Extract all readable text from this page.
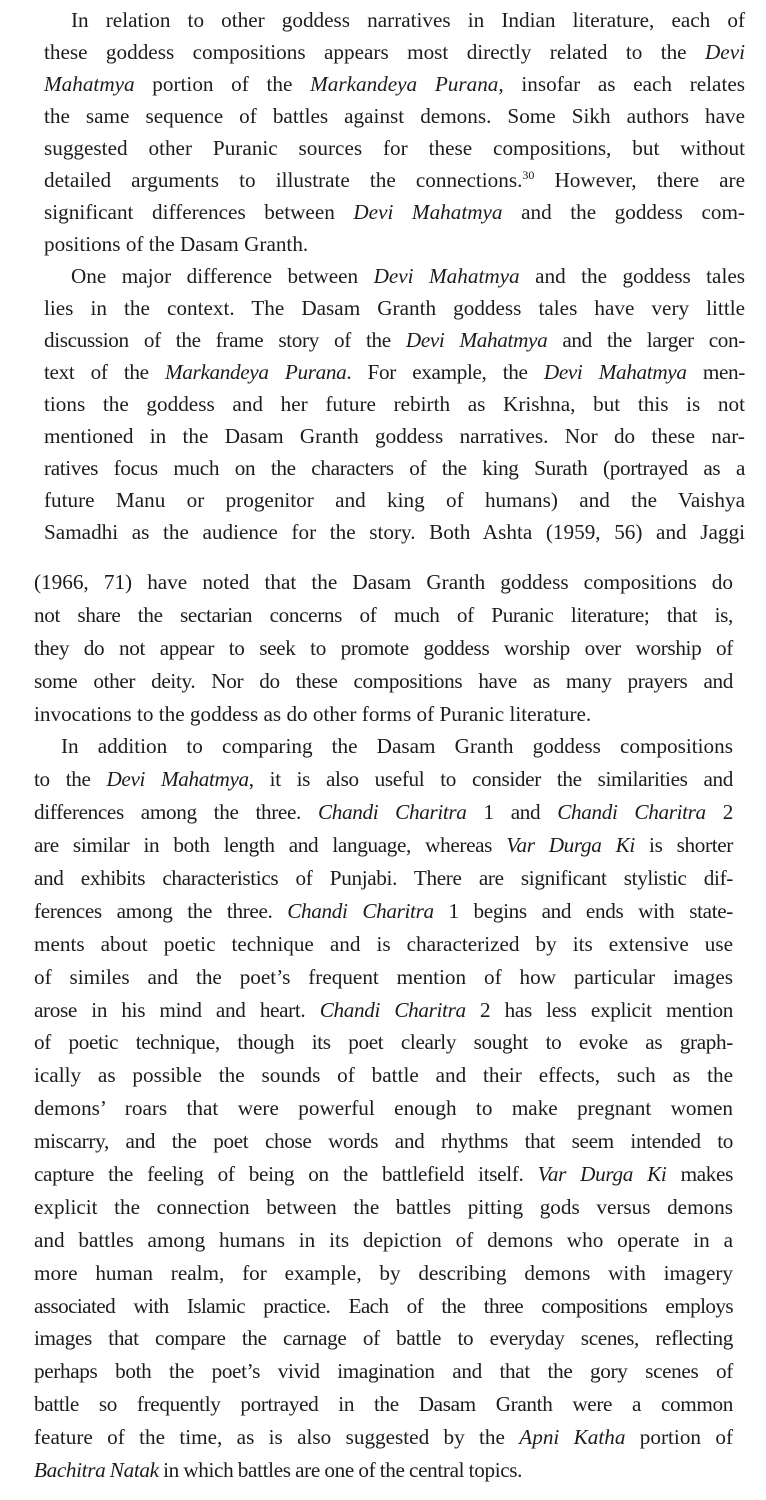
In relation to other goddess narratives in Indian literature, each of
these goddess compositions appears most directly related to the Devi
Mahatmya portion of the Markandeya Purana, insofar as each relates
the same sequence of battles against demons. Some Sikh authors have
suggested other Puranic sources for these compositions, but without
detailed arguments to illustrate the connections.$^{30}$ However, there are
significant differences between Devi Mahatmya and the goddess com-
positions of the Dasam Granth.
One major difference between Devi Mahatmya and the goddess tales
lies in the context. The Dasam Granth goddess tales have very little
discussion of the frame story of the Devi Mahatmya and the larger con-
text of the Markandeya Purana. For example, the Devi Mahatmya men-
tions the goddess and her future rebirth as Krishna, but this is not
mentioned in the Dasam Granth goddess narratives. Nor do these nar-
ratives focus much on the characters of the king Surath (portrayed as a
future Manu or progenitor and king of humans) and the Vaishya
Samadhi as the audience for the story. Both Ashta (1959, 56) and Jaggi
(1966, 71) have noted that the Dasam Granth goddess compositions do
not share the sectarian concerns of much of Puranic literature; that is,
they do not appear to seek to promote goddess worship over worship of
some other deity. Nor do these compositions have as many prayers and
invocations to the goddess as do other forms of Puranic literature.
In addition to comparing the Dasam Granth goddess compositions
to the Devi Mahatmya, it is also useful to consider the similarities and
differences among the three. Chandi Charitra 1 and Chandi Charitra 2
are similar in both length and language, whereas Var Durga Ki is shorter
and exhibits characteristics of Punjabi. There are significant stylistic dif-
ferences among the three. Chandi Charitra 1 begins and ends with state-
ments about poetic technique and is characterized by its extensive use
of similes and the poet’s frequent mention of how particular images
arose in his mind and heart. Chandi Charitra 2 has less explicit mention
of poetic technique, though its poet clearly sought to evoke as graph-
ically as possible the sounds of battle and their effects, such as the
demons’ roars that were powerful enough to make pregnant women
miscarry, and the poet chose words and rhythms that seem intended to
capture the feeling of being on the battlefield itself. Var Durga Ki makes
explicit the connection between the battles pitting gods versus demons
and battles among humans in its depiction of demons who operate in a
more human realm, for example, by describing demons with imagery
associated with Islamic practice. Each of the three compositions employs
images that compare the carnage of battle to everyday scenes, reflecting
perhaps both the poet’s vivid imagination and that the gory scenes of
battle so frequently portrayed in the Dasam Granth were a common
feature of the time, as is also suggested by the Apni Katha portion of
Bachitra Natak in which battles are one of the central topics.
